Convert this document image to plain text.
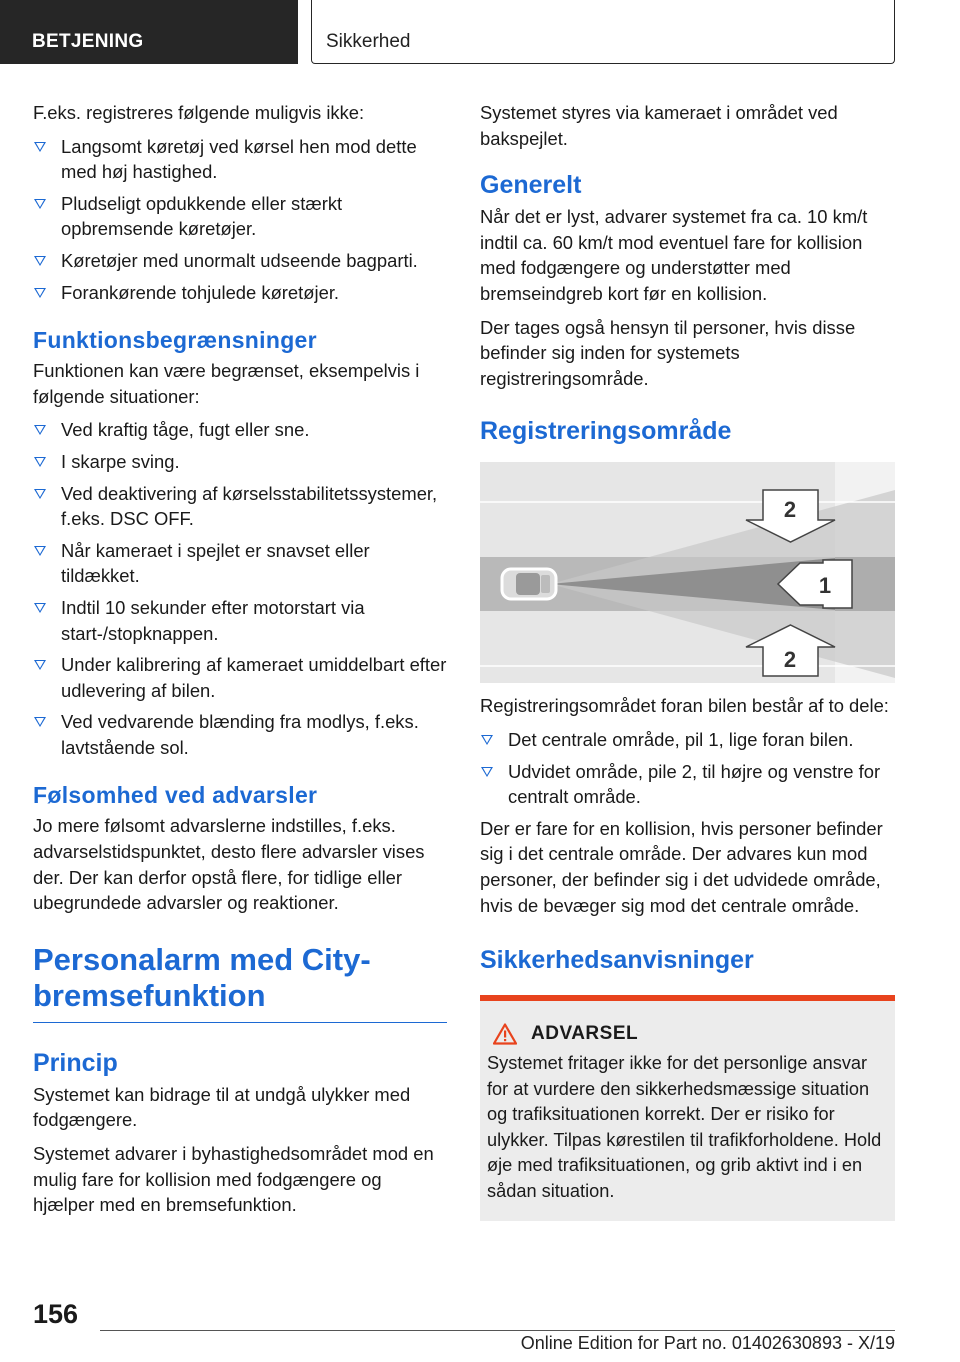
BETJENING	Sikkerhed

F.eks. registreres følgende muligvis ikke:

Langsomt køretøj ved kørsel hen mod dette med høj hastighed.
Pludseligt opdukkende eller stærkt opbremsende køretøjer.
Køretøjer med unormalt udseende bagparti.
Forankørende tohjulede køretøjer.
Funktionsbegrænsninger

Funktionen kan være begrænset, eksempelvis i følgende situationer:

Ved kraftig tåge, fugt eller sne.
I skarpe sving.
Ved deaktivering af kørselsstabilitetssystemer, f.eks. DSC OFF.
Når kameraet i spejlet er snavset eller tildækket.
Indtil 10 sekunder efter motorstart via start-/stopknappen.
Under kalibrering af kameraet umiddelbart efter udlevering af bilen.
Ved vedvarende blænding fra modlys, f.eks. lavtstående sol.
Følsomhed ved advarsler

Jo mere følsomt advarslerne indstilles, f.eks. advarselstidspunktet, desto flere advarsler vises der. Der kan derfor opstå flere, for tidlige eller ubegrundede advarsler og reaktioner.

Personalarm med City-bremsefunktion
Princip

Systemet kan bidrage til at undgå ulykker med fodgængere.

Systemet advarer i byhastighedsområdet mod en mulig fare for kollision med fodgængere og hjælper med en bremsefunktion.

Systemet styres via kameraet i området ved bakspejlet.

Generelt

Når det er lyst, advarer systemet fra ca. 10 km/t indtil ca. 60 km/t mod eventuel fare for kollision med fodgængere og understøtter med bremseindgreb kort før en kollision.

Der tages også hensyn til personer, hvis disse befinder sig inden for systemets registreringsområde.

Registreringsområde
2
1
2

Registreringsområdet foran bilen består af to dele:

Det centrale område, pil 1, lige foran bilen.
Udvidet område, pile 2, til højre og venstre for centralt område.

Der er fare for en kollision, hvis personer befinder sig i det centrale område. Der advares kun mod personer, der befinder sig i det udvidede område, hvis de bevæger sig mod det centrale område.

Sikkerhedsanvisninger
ADVARSEL

Systemet fritager ikke for det personlige ansvar for at vurdere den sikkerhedsmæssige situation og trafiksituationen korrekt. Der er risiko for ulykker. Tilpas kørestilen til trafikforholdene. Hold øje med trafiksituationen, og grib aktivt ind i en sådan situation.

156
Online Edition for Part no. 01402630893 - X/19
